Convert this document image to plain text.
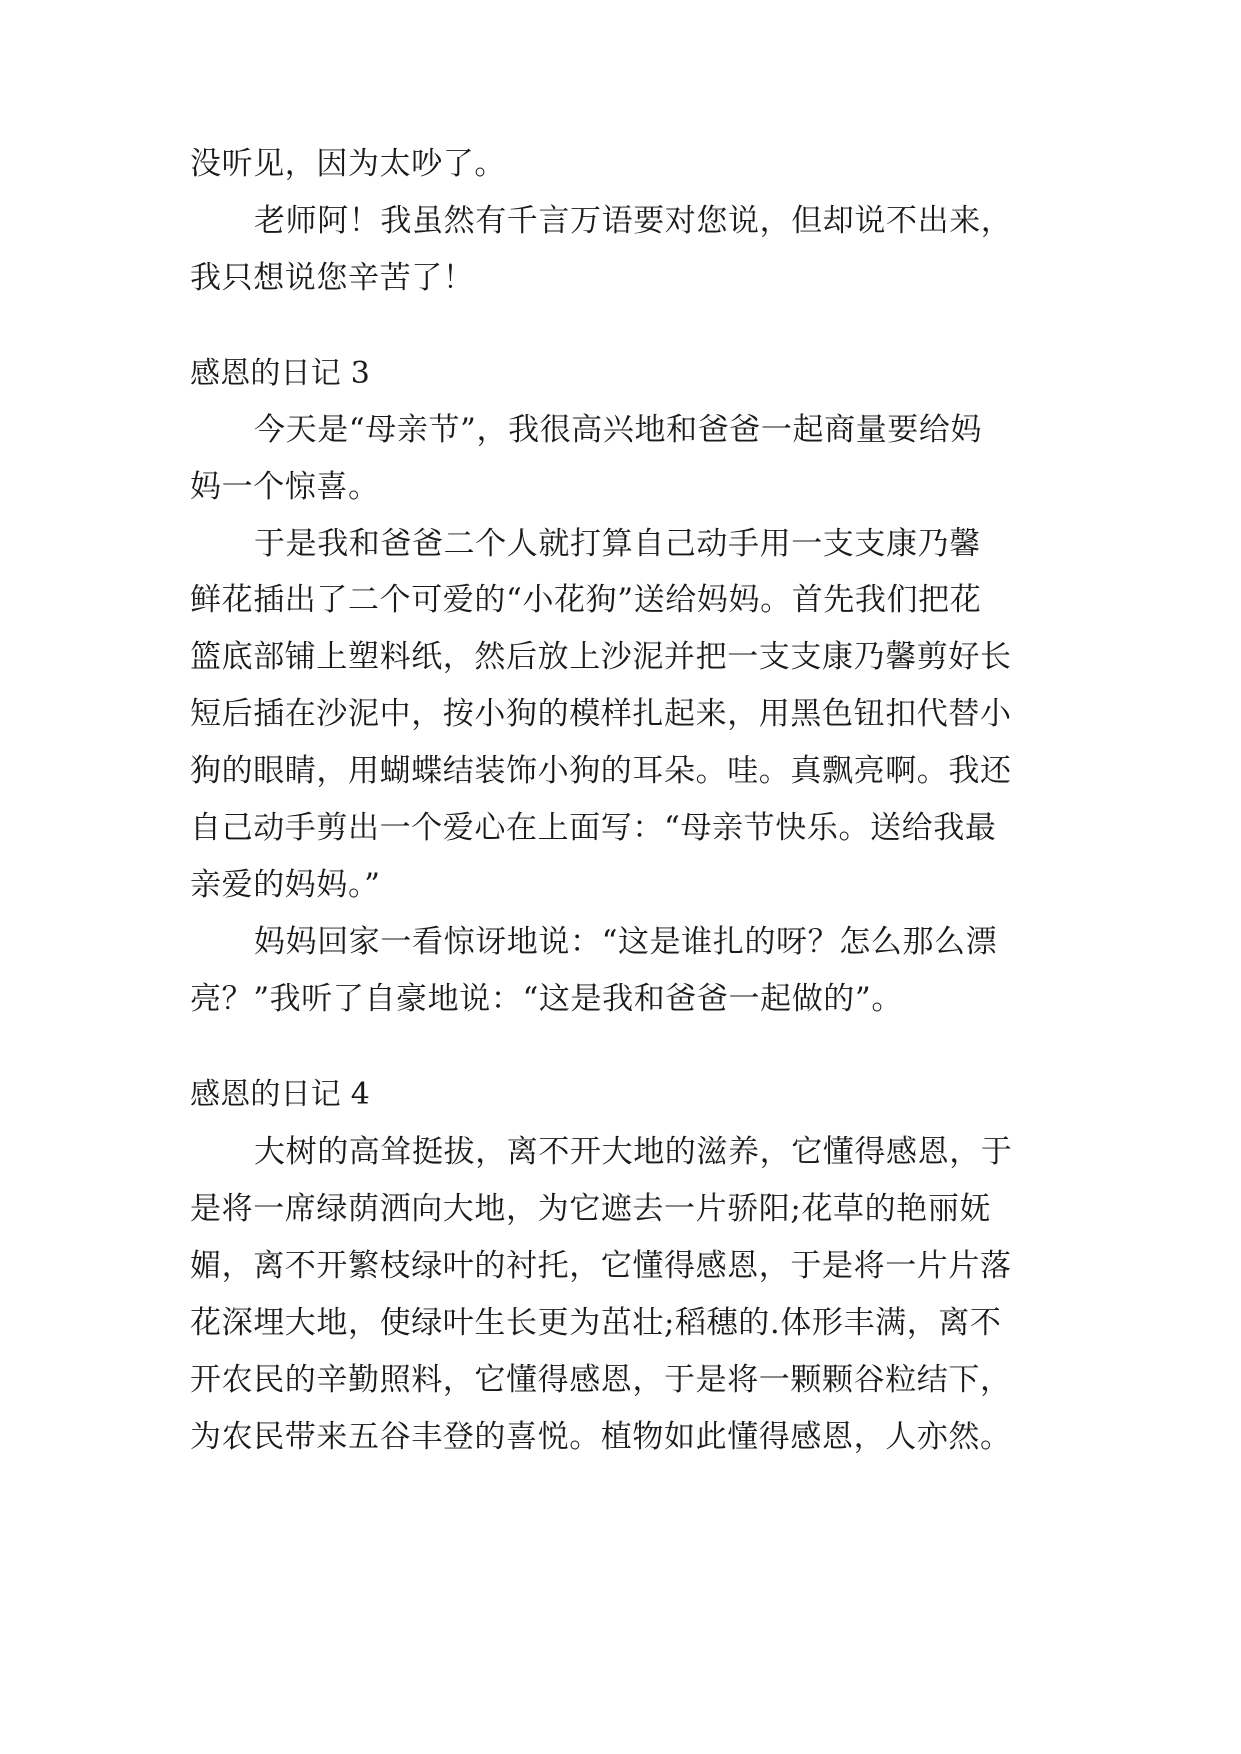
没听见，因为太吵了。
老师阿！我虽然有千言万语要对您说，但却说不出来，
我只想说您辛苦了！
感恩的日记 3
今天是“母亲节”，我很高兴地和爸爸一起商量要给妈
妈一个惊喜。
于是我和爸爸二个人就打算自己动手用一支支康乃馨
鲜花插出了二个可爱的“小花狗”送给妈妈。首先我们把花
篮底部铺上塑料纸，然后放上沙泥并把一支支康乃馨剪好长
短后插在沙泥中，按小狗的模样扎起来，用黑色钮扣代替小
狗的眼睛，用蝴蝶结装饰小狗的耳朵。哇。真飘亮啊。我还
自己动手剪出一个爱心在上面写：“母亲节快乐。送给我最
亲爱的妈妈。”
妈妈回家一看惊讶地说：“这是谁扎的呀？怎么那么漂
亮？”我听了自豪地说：“这是我和爸爸一起做的”。
感恩的日记 4
大树的高耸挺拔，离不开大地的滋养，它懂得感恩，于
是将一席绿荫洒向大地，为它遮去一片骄阳;花草的艳丽妩
媚，离不开繁枝绿叶的衬托，它懂得感恩，于是将一片片落
花深埋大地，使绿叶生长更为茁壮;稻穗的.体形丰满，离不
开农民的辛勤照料，它懂得感恩，于是将一颗颗谷粒结下，
为农民带来五谷丰登的喜悦。植物如此懂得感恩，人亦然。
